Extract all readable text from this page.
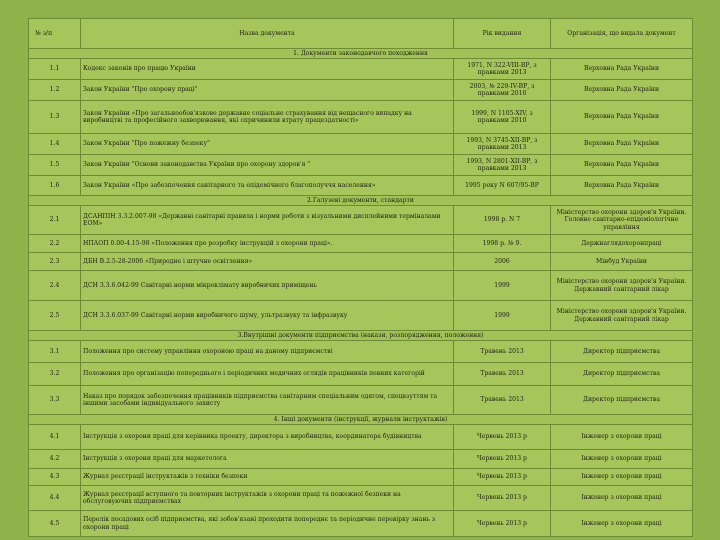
№ з/п	Назва документа	Рік видання	Організація, що видала документ
1. Документи законодавчого походження			
1.1	Кодекс законів про працю України	1971, N 322-VIII-ВР, з правками 2013	Верховна Рада України
1.2	Закон України "Про охорону праці"	2003, № 229-IV-ВР, з правками 2010	Верховна Рада України
1.3	Закон України «Про загальнообов'язкове державне соціальне страхування від нещасного випадку на виробництві та професійного захворювання, які спричинили втрату працездатності»	1999, N 1105-XIV, з правками 2010	Верховна Рада України
1.4	Закон України "Про пожежну безпеку"	1993, N 3745-XII-ВР, з правками 2013	Верховна Рада України
1.5	Закон України "Основи законодавства України про охорону здоров'я "	1993, N 2801-XII-ВР, з правками 2013	Верховна Рада України
1.6	Закон України «Про забезпечення санітарного та епідемічного благополуччя населення»	1995 року N 607/95-ВР	Верховна Рада України
2.Галузеві документи, стандарти			
2.1	ДСАНПІН 3.3.2.007-98 «Державні санітарні правила і норми роботи з візуальними дисплейними терміналами ЕОМ»	1998 р. N 7	Міністерство охорони здоров'я України. Головне санітарно-епідеміологічне управління
2.2	НПАОП 0.00-4.15-98 «Положення про розробку інструкцій з охорони праці».	1998 р. № 9.	Держнаглядохоронпраці
2.3	ДБН В.2.5-28-2006 «Природне і штучне освітлення»	2006	Мінбуд України
2.4	ДСН 3.3.6.042-99 Санітарні норми мікроклімату виробничих приміщень	1999	Міністерство охорони здоров'я України. Державний санітарний лікар
2.5	ДСН 3.3.6.037-99 Санітарні норми виробничого шуму, ультразвуку та інфразвуку	1999	Міністерство охорони здоров'я України. Державний санітарний лікар
3.Внутрішні документи підприємства (накази, розпорядження, положення)			
3.1	Положення про систему управління охороною праці на даному підприємстві	Травень 2013	Директор підприємства
3.2	Положення про організацію попереднього і періодичних медичних оглядів працівників певних категорій	Травень 2013	Директор підприємства
3.3	Наказ про порядок забезпечення працівників підприємства санітарним спеціальним одягом, спецвзуттям та іншими засобами індивідуального захисту	Травень 2013	Директор підприємства
4. Інші документи (інструкції, журнали інструктажів)			
4.1	Інструкція з охорони праці для керівника проекту, директора з виробництва, координатора будівництва	Червень 2013 р	Інженер з охорони праці
4.2	Інструкція з охорони праці для маркетолога	Червень 2013 р	Інженер з охорони праці
4.3	Журнал реєстрації інструктажів з техніки безпеки	Червень 2013 р	Інженер з охорони праці
4.4	Журнал реєстрації вступного та повторних інструктажів з охорони праці та пожежної безпеки на обслуговуючих підприємствах	Червень 2013 р	Інженер з охорони праці
4.5	Перелік посадових осіб підприємства, які зобов'язані проходити попереднє та періодичне перевірку знань з охорони праці	Червень 2013 р	Інженер з охорони праці
